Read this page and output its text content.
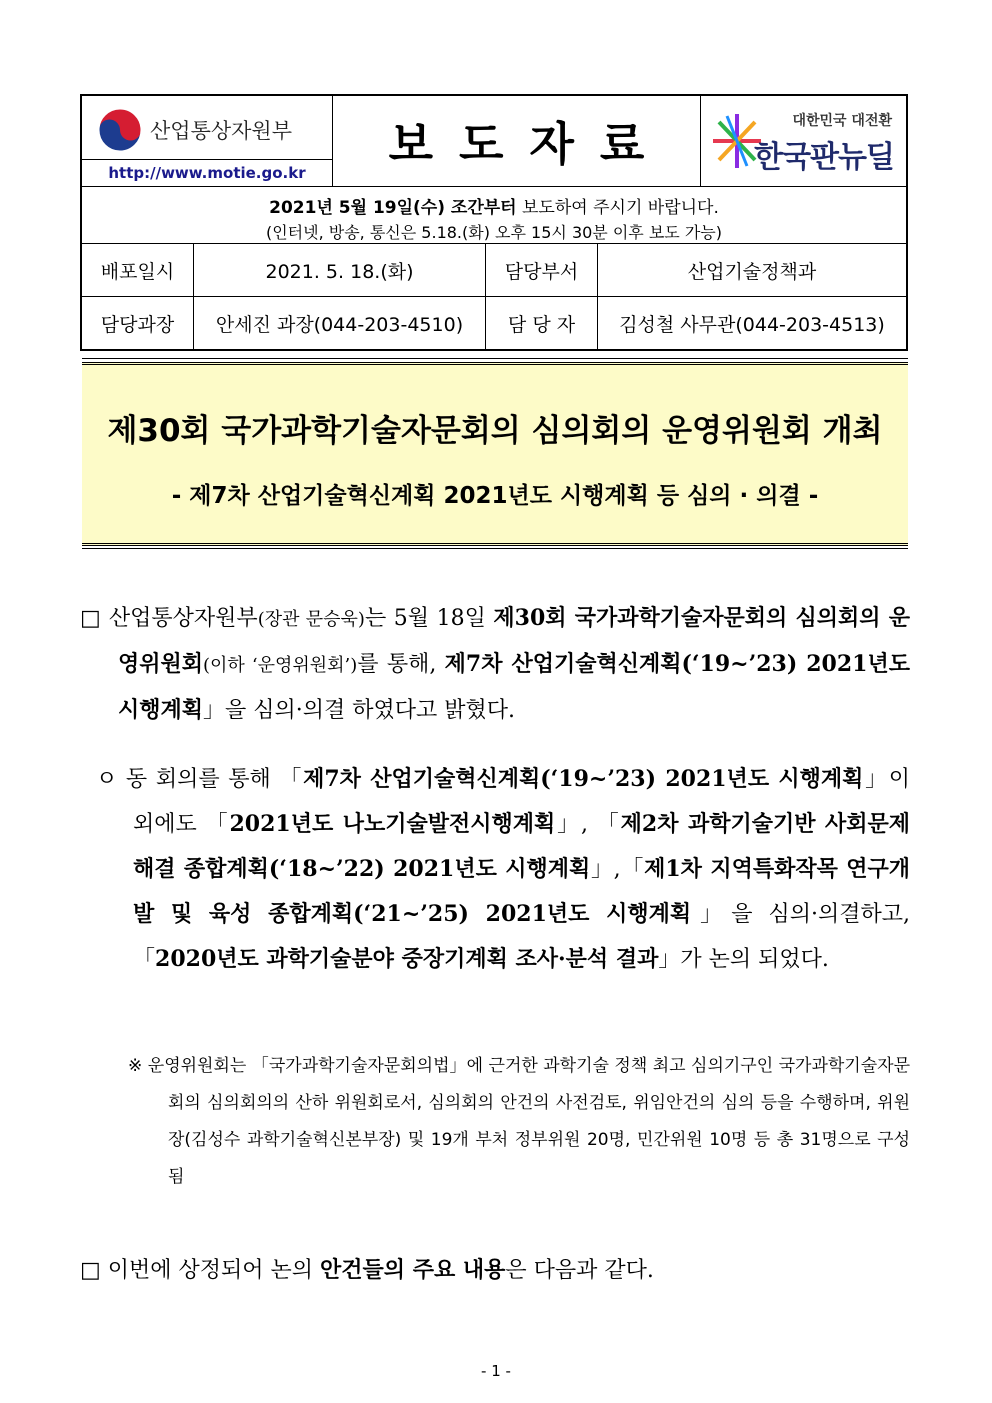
산업통상자원부
http://www.motie.go.kr
보도자료	대한민국 대전환
한국판뉴딜
2021년 5월 19일(수) 조간부터 보도하여 주시기 바랍니다.
(인터넷, 방송, 통신은 5.18.(화) 오후 15시 30분 이후 보도 가능)
배포일시	2021. 5. 18.(화)	담당부서	산업기술정책과
담당과장	안세진 과장(044-203-4510)	담 당 자	김성철 사무관(044-203-4513)
제30회 국가과학기술자문회의 심의회의 운영위원회 개최
- 제7차 산업기술혁신계획 2021년도 시행계획 등 심의 · 의결 -
□ 산업통상자원부(장관 문승욱)는 5월 18일 제30회 국가과학기술자문회의 심의회의 운영위원회(이하 ‘운영위원회’)를 통해, 제7차 산업기술혁신계획(‘19~’23) 2021년도 시행계획」을 심의·의결 하였다고 밝혔다.
ㅇ 동 회의를 통해 「제7차 산업기술혁신계획(‘19~’23) 2021년도 시행계획」이외에도 「2021년도 나노기술발전시행계획」, 「제2차 과학기술기반 사회문제해결 종합계획(‘18~’22) 2021년도 시행계획」,「제1차 지역특화작목 연구개발 및 육성 종합계획(‘21~’25) 2021년도 시행계획」을 심의·의결하고,「2020년도 과학기술분야 중장기계획 조사·분석 결과」가 논의 되었다.
※ 운영위원회는 「국가과학기술자문회의법」에 근거한 과학기술 정책 최고 심의기구인 국가과학기술자문회의 심의회의의 산하 위원회로서, 심의회의 안건의 사전검토, 위임안건의 심의 등을 수행하며, 위원장(김성수 과학기술혁신본부장) 및 19개 부처 정부위원 20명, 민간위원 10명 등 총 31명으로 구성됨
□ 이번에 상정되어 논의 안건들의 주요 내용은 다음과 같다.
- 1 -
